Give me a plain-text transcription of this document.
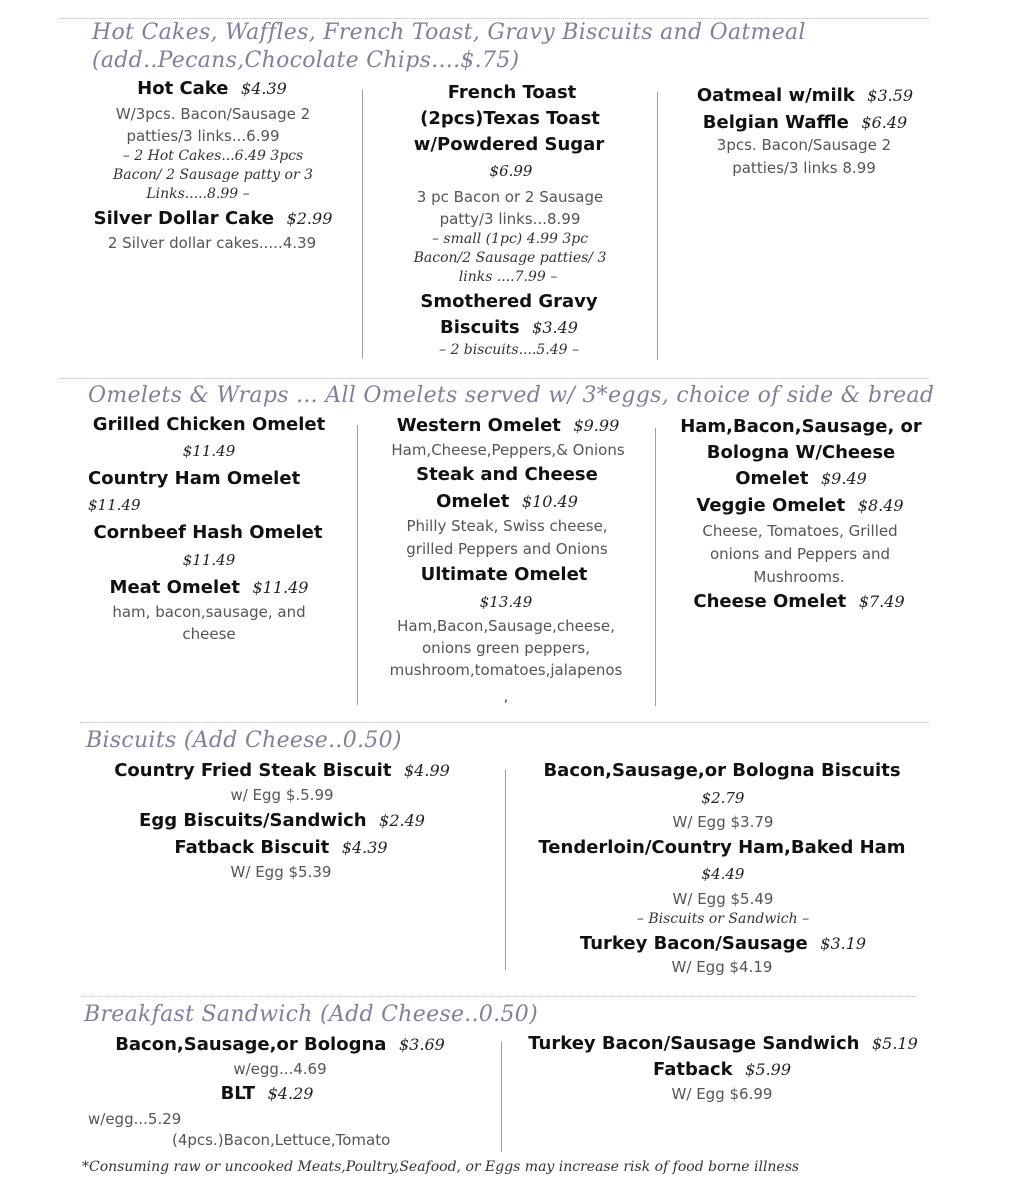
Hot Cakes, Waffles, French Toast, Gravy Biscuits and Oatmeal
(add..Pecans,Chocolate Chips....$.75)
Hot Cake $4.39
W/3pcs. Bacon/Sausage 2
patties/3 links...6.99
– 2 Hot Cakes...6.49 3pcs
Bacon/ 2 Sausage patty or 3
Links.....8.99 –
Silver Dollar Cake $2.99
2 Silver dollar cakes.....4.39
French Toast
(2pcs)Texas Toast
w/Powdered Sugar
$6.99
3 pc Bacon or 2 Sausage
patty/3 links...8.99
– small (1pc) 4.99 3pc
Bacon/2 Sausage patties/ 3
links ....7.99 –
Smothered Gravy
Biscuits $3.49
– 2 biscuits....5.49 –
Oatmeal w/milk $3.59
Belgian Waffle $6.49
3pcs. Bacon/Sausage 2
patties/3 links 8.99
Omelets & Wraps ... All Omelets served w/ 3*eggs, choice of side & bread
Grilled Chicken Omelet
$11.49
Country Ham Omelet
$11.49
Cornbeef Hash Omelet
$11.49
Meat Omelet $11.49
ham, bacon,sausage, and
cheese
Western Omelet $9.99
Ham,Cheese,Peppers,& Onions
Steak and Cheese
Omelet $10.49
Philly Steak, Swiss cheese,
grilled Peppers and Onions
Ultimate Omelet
$13.49
Ham,Bacon,Sausage,cheese,
onions green peppers,
mushroom,tomatoes,jalapenos
,
Ham,Bacon,Sausage, or
Bologna W/Cheese
Omelet $9.49
Veggie Omelet $8.49
Cheese, Tomatoes, Grilled
onions and Peppers and
Mushrooms.
Cheese Omelet $7.49
Biscuits (Add Cheese..0.50)
Country Fried Steak Biscuit $4.99
w/ Egg $.5.99
Egg Biscuits/Sandwich $2.49
Fatback Biscuit $4.39
W/ Egg $5.39
Bacon,Sausage,or Bologna Biscuits
$2.79
W/ Egg $3.79
Tenderloin/Country Ham,Baked Ham
$4.49
W/ Egg $5.49
– Biscuits or Sandwich –
Turkey Bacon/Sausage $3.19
W/ Egg $4.19
Breakfast Sandwich (Add Cheese..0.50)
Bacon,Sausage,or Bologna $3.69
w/egg...4.69
BLT $4.29
w/egg...5.29
(4pcs.)Bacon,Lettuce,Tomato
Turkey Bacon/Sausage Sandwich $5.19
Fatback $5.99
W/ Egg $6.99
*Consuming raw or uncooked Meats,Poultry,Seafood, or Eggs may increase risk of food borne illness
